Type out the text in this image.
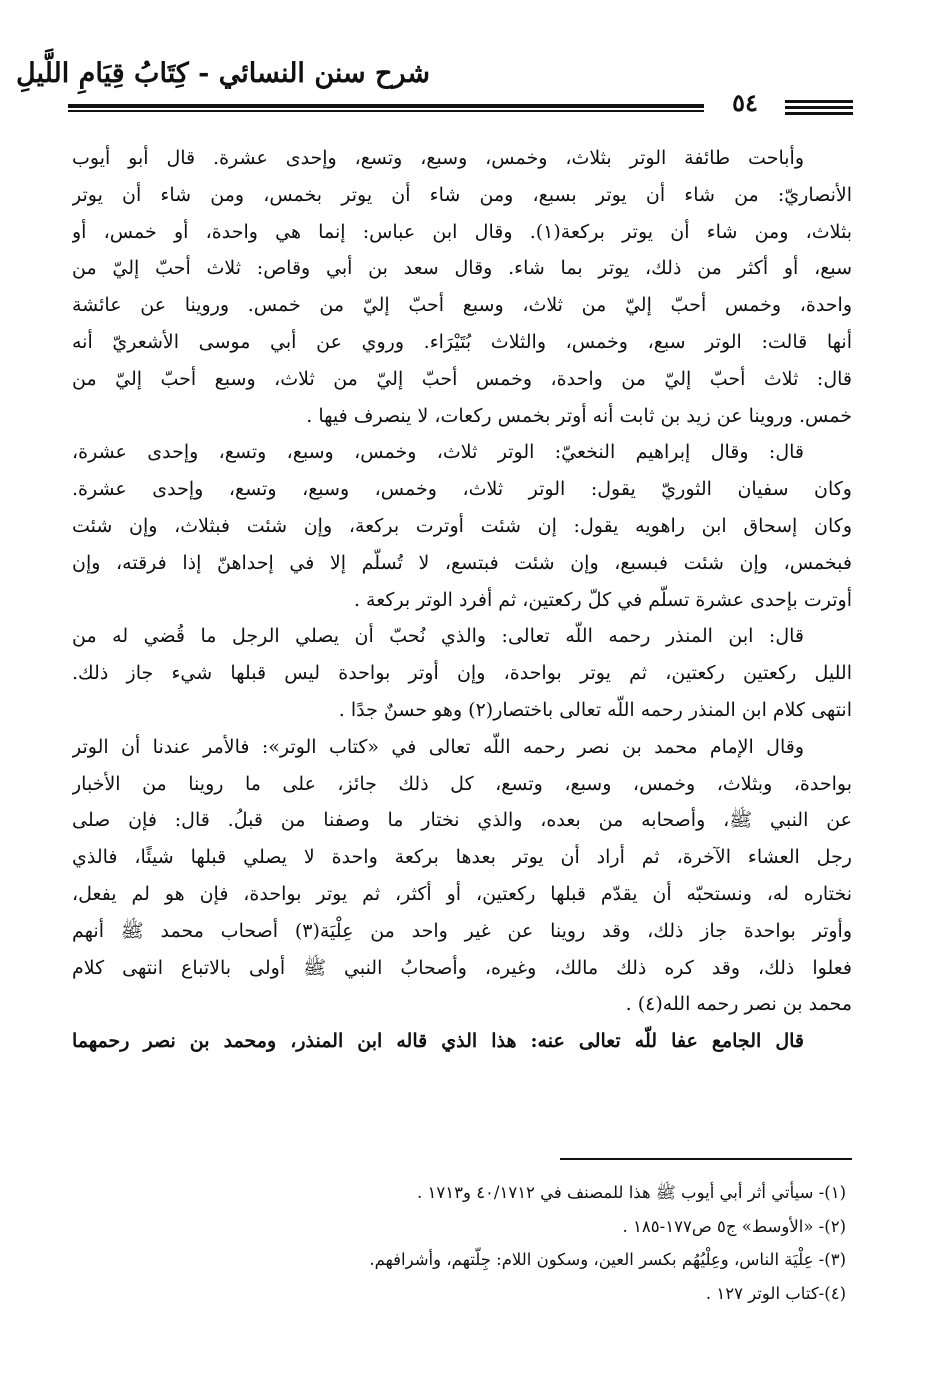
شرح سنن النسائي - كِتَابُ قِيَامِ اللَّيلِ
٥٤
وأباحت طائفة الوتر بثلاث، وخمس، وسبع، وتسع، وإحدى عشرة. قال أبو أيوب
الأنصاريّ: من شاء أن يوتر بسبع، ومن شاء أن يوتر بخمس، ومن شاء أن يوتر
بثلاث، ومن شاء أن يوتر بركعة(١). وقال ابن عباس: إنما هي واحدة، أو خمس، أو
سبع، أو أكثر من ذلك، يوتر بما شاء. وقال سعد بن أبي وقاص: ثلاث أحبّ إليّ من
واحدة، وخمس أحبّ إليّ من ثلاث، وسبع أحبّ إليّ من خمس. وروينا عن عائشة
أنها قالت: الوتر سبع، وخمس، والثلاث بُتَيْرَاء. وروي عن أبي موسى الأشعريّ أنه
قال: ثلاث أحبّ إليّ من واحدة، وخمس أحبّ إليّ من ثلاث، وسبع أحبّ إليّ من
خمس. وروينا عن زيد بن ثابت أنه أوتر بخمس ركعات، لا ينصرف فيها .
قال: وقال إبراهيم النخعيّ: الوتر ثلاث، وخمس، وسبع، وتسع، وإحدى عشرة،
وكان سفيان الثوريّ يقول: الوتر ثلاث، وخمس، وسبع، وتسع، وإحدى عشرة.
وكان إسحاق ابن راهويه يقول: إن شئت أوترت بركعة، وإن شئت فبثلاث، وإن شئت
فبخمس، وإن شئت فبسبع، وإن شئت فبتسع، لا تُسلّم إلا في إحداهنّ إذا فرقته، وإن
أوترت بإحدى عشرة تسلّم في كلّ ركعتين، ثم أفرد الوتر بركعة .
قال: ابن المنذر رحمه اللّه تعالى: والذي نُحبّ أن يصلي الرجل ما قُضي له من
الليل ركعتين ركعتين، ثم يوتر بواحدة، وإن أوتر بواحدة ليس قبلها شيء جاز ذلك.
انتهى كلام ابن المنذر رحمه اللّه تعالى باختصار(٢) وهو حسنٌ جدًا .
وقال الإمام محمد بن نصر رحمه اللّه تعالى في «كتاب الوتر»: فالأمر عندنا أن الوتر
بواحدة، وبثلاث، وخمس، وسبع، وتسع، كل ذلك جائز، على ما روينا من الأخبار
عن النبي ﷺ، وأصحابه من بعده، والذي نختار ما وصفنا من قبلُ. قال: فإن صلى
رجل العشاء الآخرة، ثم أراد أن يوتر بعدها بركعة واحدة لا يصلي قبلها شيئًا، فالذي
نختاره له، ونستحبّه أن يقدّم قبلها ركعتين، أو أكثر، ثم يوتر بواحدة، فإن هو لم يفعل،
وأوتر بواحدة جاز ذلك، وقد روينا عن غير واحد من عِلْيَة(٣) أصحاب محمد ﷺ أنهم
فعلوا ذلك، وقد كره ذلك مالك، وغيره، وأصحابُ النبي ﷺ أولى بالاتباع انتهى كلام
محمد بن نصر رحمه الله(٤) .
قال الجامع عفا للّه تعالى عنه: هذا الذي قاله ابن المنذر، ومحمد بن نصر رحمهما
(١)- سيأتي أثر أبي أيوب ﷺ هذا للمصنف في ٤٠/١٧١٢ و١٧١٣ .
(٢)- «الأوسط» ج٥ ص١٧٧-١٨٥ .
(٣)- عِلْيَة الناس، وعِلْيُهُم بكسر العين، وسكون اللام: جِلّتهم، وأشرافهم.
(٤)-كتاب الوتر ١٢٧ .
